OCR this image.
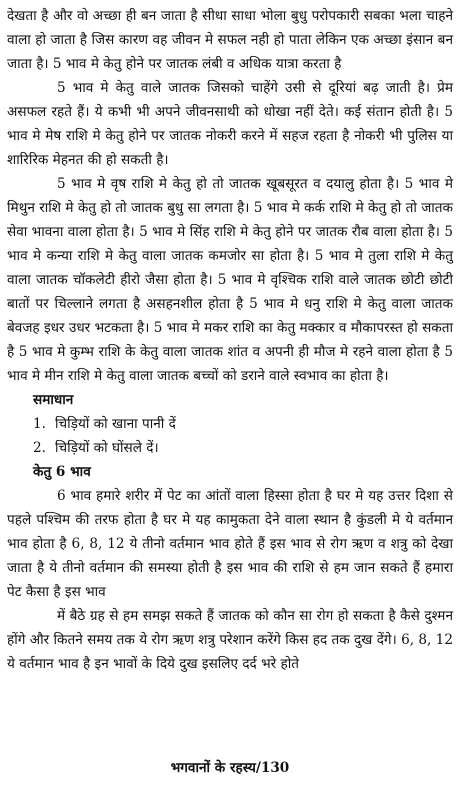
देखता है और वो अच्छा ही बन जाता है सीधा साधा भोला बुधु परोपकारी सबका भला चाहने वाला हो जाता है जिस कारण वह जीवन मे सफल नही हो पाता लेकिन एक अच्छा इंसान बन जाता है। 5 भाव मे केतु होने पर जातक लंबी व अधिक यात्रा करता है

5 भाव मे केतु वाले जातक जिसको चाहेंगे उसी से दूरियां बढ़ जाती है। प्रेम असफल रहते हैं। ये कभी भी अपने जीवनसाथी को धोखा नहीं देते। कई संतान होती है। 5 भाव मे मेष राशि मे केतु होने पर जातक नोकरी करने में सहज रहता है नोकरी भी पुलिस या शारिरिक मेहनत की हो सकती है।

5 भाव मे वृष राशि मे केतु हो तो जातक खूबसूरत व दयालु होता है। 5 भाव मे मिथुन राशि मे केतु हो तो जातक बुधु सा लगता है। 5 भाव मे कर्क राशि मे केतु हो तो जातक सेवा भावना वाला होता है। 5 भाव मे सिंह राशि मे केतु होने पर जातक रौब वाला होता है। 5 भाव मे कन्या राशि मे केतु वाला जातक कमजोर सा होता है। 5 भाव मे तुला राशि मे केतु वाला जातक चॉकलेटी हीरो जैसा होता है। 5 भाव मे वृश्चिक राशि वाले जातक छोटी छोटी बातों पर चिल्लाने लगता है असहनशील होता है 5 भाव मे धनु राशि मे केतु वाला जातक बेवजह इधर उधर भटकता है। 5 भाव मे मकर राशि का केतु मक्कार व मौकापरस्त हो सकता है 5 भाव मे कुम्भ राशि के केतु वाला जातक शांत व अपनी ही मौज मे रहने वाला होता है 5 भाव मे मीन राशि मे केतु वाला जातक बच्चों को डराने वाले स्वभाव का होता है।

समाधान

1. चिड़ियों को खाना पानी दें
2. चिड़ियों को घोंसले दें।

केतु 6 भाव

6 भाव हमारे शरीर में पेट का आंतों वाला हिस्सा होता है घर मे यह उत्तर दिशा से पहले पश्चिम की तरफ होता है घर मे यह कामुकता देने वाला स्थान है कुंडली मे ये वर्तमान भाव होता है 6, 8, 12 ये तीनो वर्तमान भाव होते हैं इस भाव से रोग ऋण व शत्रु को देखा जाता है ये तीनो वर्तमान की समस्या होती है इस भाव की राशि से हम जान सकते हैं हमारा पेट कैसा है इस भाव

में बैठे ग्रह से हम समझ सकते हैं जातक को कौन सा रोग हो सकता है कैसे दुश्मन होंगे और कितने समय तक ये रोग ऋण शत्रु परेशान करेंगे किस हद तक दुख देंगे। 6, 8, 12 ये वर्तमान भाव है इन भावों के दिये दुख इसलिए दर्द भरे होते

भगवानों के रहस्य/130
